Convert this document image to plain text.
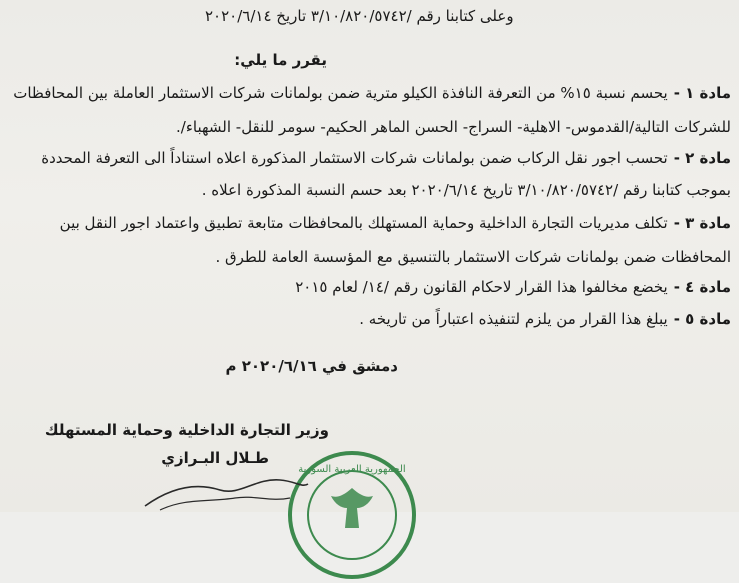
وعلى كتابنا رقم /٣/١٠/٨٢٠/٥٧٤٢ تاريخ ٢٠٢٠/٦/١٤
يقرر ما يلي:
مادة ١ -يحسم نسبة ١٥% من التعرفة النافذة الكيلو مترية ضمن بولمانات شركات الاستثمار العاملة بين المحافظات
للشركات التالية/القدموس- الاهلية- السراج- الحسن الماهر الحكيم- سومر للنقل- الشهباء/.
مادة ٢ -تحسب اجور نقل الركاب ضمن بولمانات شركات الاستثمار المذكورة اعلاه استناداً الى التعرفة المحددة
بموجب كتابنا رقم /٣/١٠/٨٢٠/٥٧٤٢ تاريخ ٢٠٢٠/٦/١٤ بعد حسم النسبة المذكورة اعلاه .
مادة ٣ -تكلف مديريات التجارة الداخلية وحماية المستهلك بالمحافظات متابعة تطبيق واعتماد اجور النقل بين
المحافظات ضمن بولمانات شركات الاستثمار بالتنسيق مع المؤسسة العامة للطرق .
مادة ٤ -يخضع مخالفوا هذا القرار لاحكام القانون رقم /١٤/ لعام ٢٠١٥
مادة ٥ -يبلغ هذا القرار من يلزم لتنفيذه اعتباراً من تاريخه .
دمشق في ٢٠٢٠/٦/١٦ م
وزير التجارة الداخلية وحماية المستهلك
طـلال البـرازي
الجمهورية العربية السورية
